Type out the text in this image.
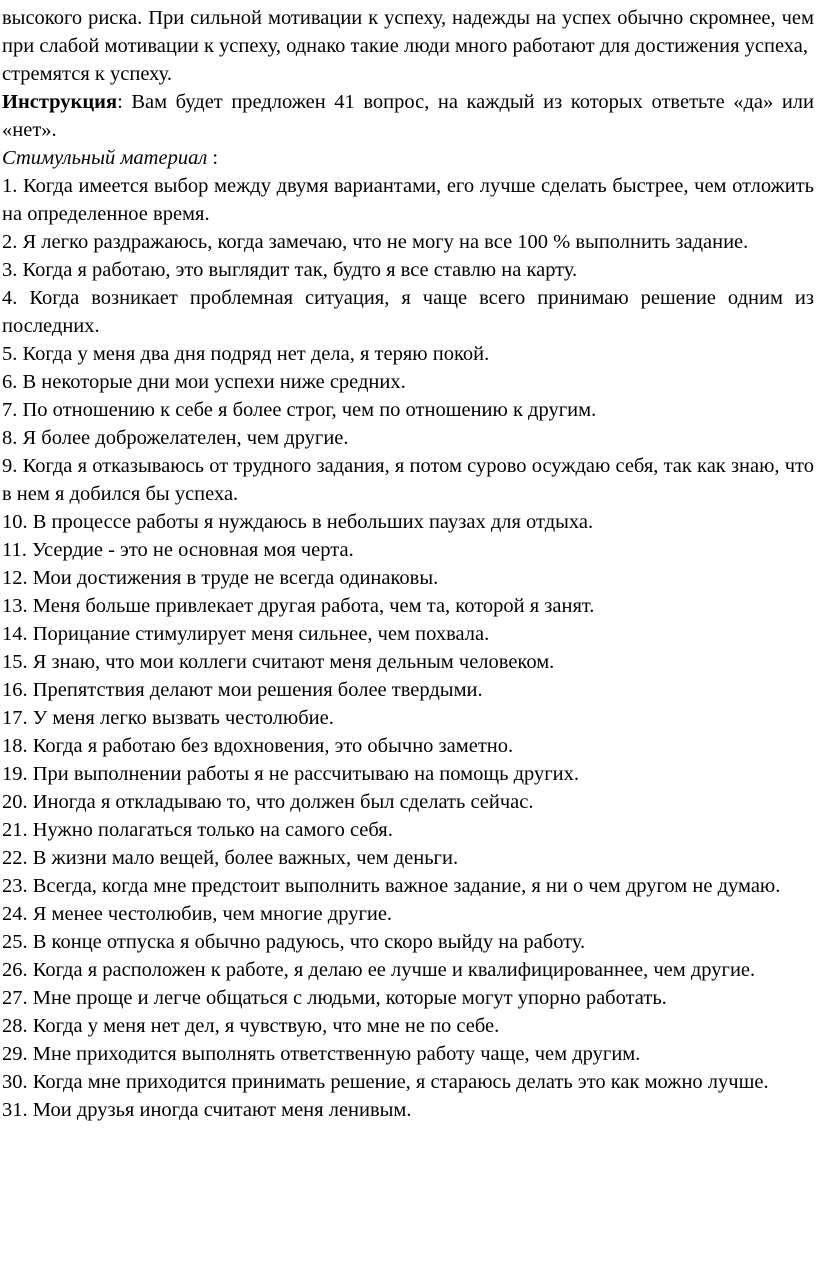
высокого риска. При сильной мотивации к успеху, надежды на успех обычно скромнее, чем при слабой мотивации к успеху, однако такие люди много работают для достижения успеха,

стремятся к успеху.

Инструкция: Вам будет предложен 41 вопрос, на каждый из которых ответьте «да» или «нет».

Стимульный материал :

1. Когда имеется выбор между двумя вариантами, его лучше сделать быстрее, чем отложить на определенное время.

2. Я легко раздражаюсь, когда замечаю, что не могу на все 100 % выполнить задание.

3. Когда я работаю, это выглядит так, будто я все ставлю на карту.

4. Когда возникает проблемная ситуация, я чаще всего принимаю решение одним из последних.

5. Когда у меня два дня подряд нет дела, я теряю покой.

6. В некоторые дни мои успехи ниже средних.

7. По отношению к себе я более строг, чем по отношению к другим.

8. Я более доброжелателен, чем другие.

9. Когда я отказываюсь от трудного задания, я потом сурово осуждаю себя, так как знаю, что в нем я добился бы успеха.

10. В процессе работы я нуждаюсь в небольших паузах для отдыха.

11. Усердие - это не основная моя черта.

12. Мои достижения в труде не всегда одинаковы.

13. Меня больше привлекает другая работа, чем та, которой я занят.

14. Порицание стимулирует меня сильнее, чем похвала.

15. Я знаю, что мои коллеги считают меня дельным человеком.

16. Препятствия делают мои решения более твердыми.

17. У меня легко вызвать честолюбие.

18. Когда я работаю без вдохновения, это обычно заметно.

19. При выполнении работы я не рассчитываю на помощь других.

20. Иногда я откладываю то, что должен был сделать сейчас.

21. Нужно полагаться только на самого себя.

22. В жизни мало вещей, более важных, чем деньги.

23. Всегда, когда мне предстоит выполнить важное задание, я ни о чем другом не думаю.

24. Я менее честолюбив, чем многие другие.

25. В конце отпуска я обычно радуюсь, что скоро выйду на работу.

26. Когда я расположен к работе, я делаю ее лучше и квалифицированнее, чем другие.

27. Мне проще и легче общаться с людьми, которые могут упорно работать.

28. Когда у меня нет дел, я чувствую, что мне не по себе.

29. Мне приходится выполнять ответственную работу чаще, чем другим.

30. Когда мне приходится принимать решение, я стараюсь делать это как можно лучше.

31. Мои друзья иногда считают меня ленивым.
